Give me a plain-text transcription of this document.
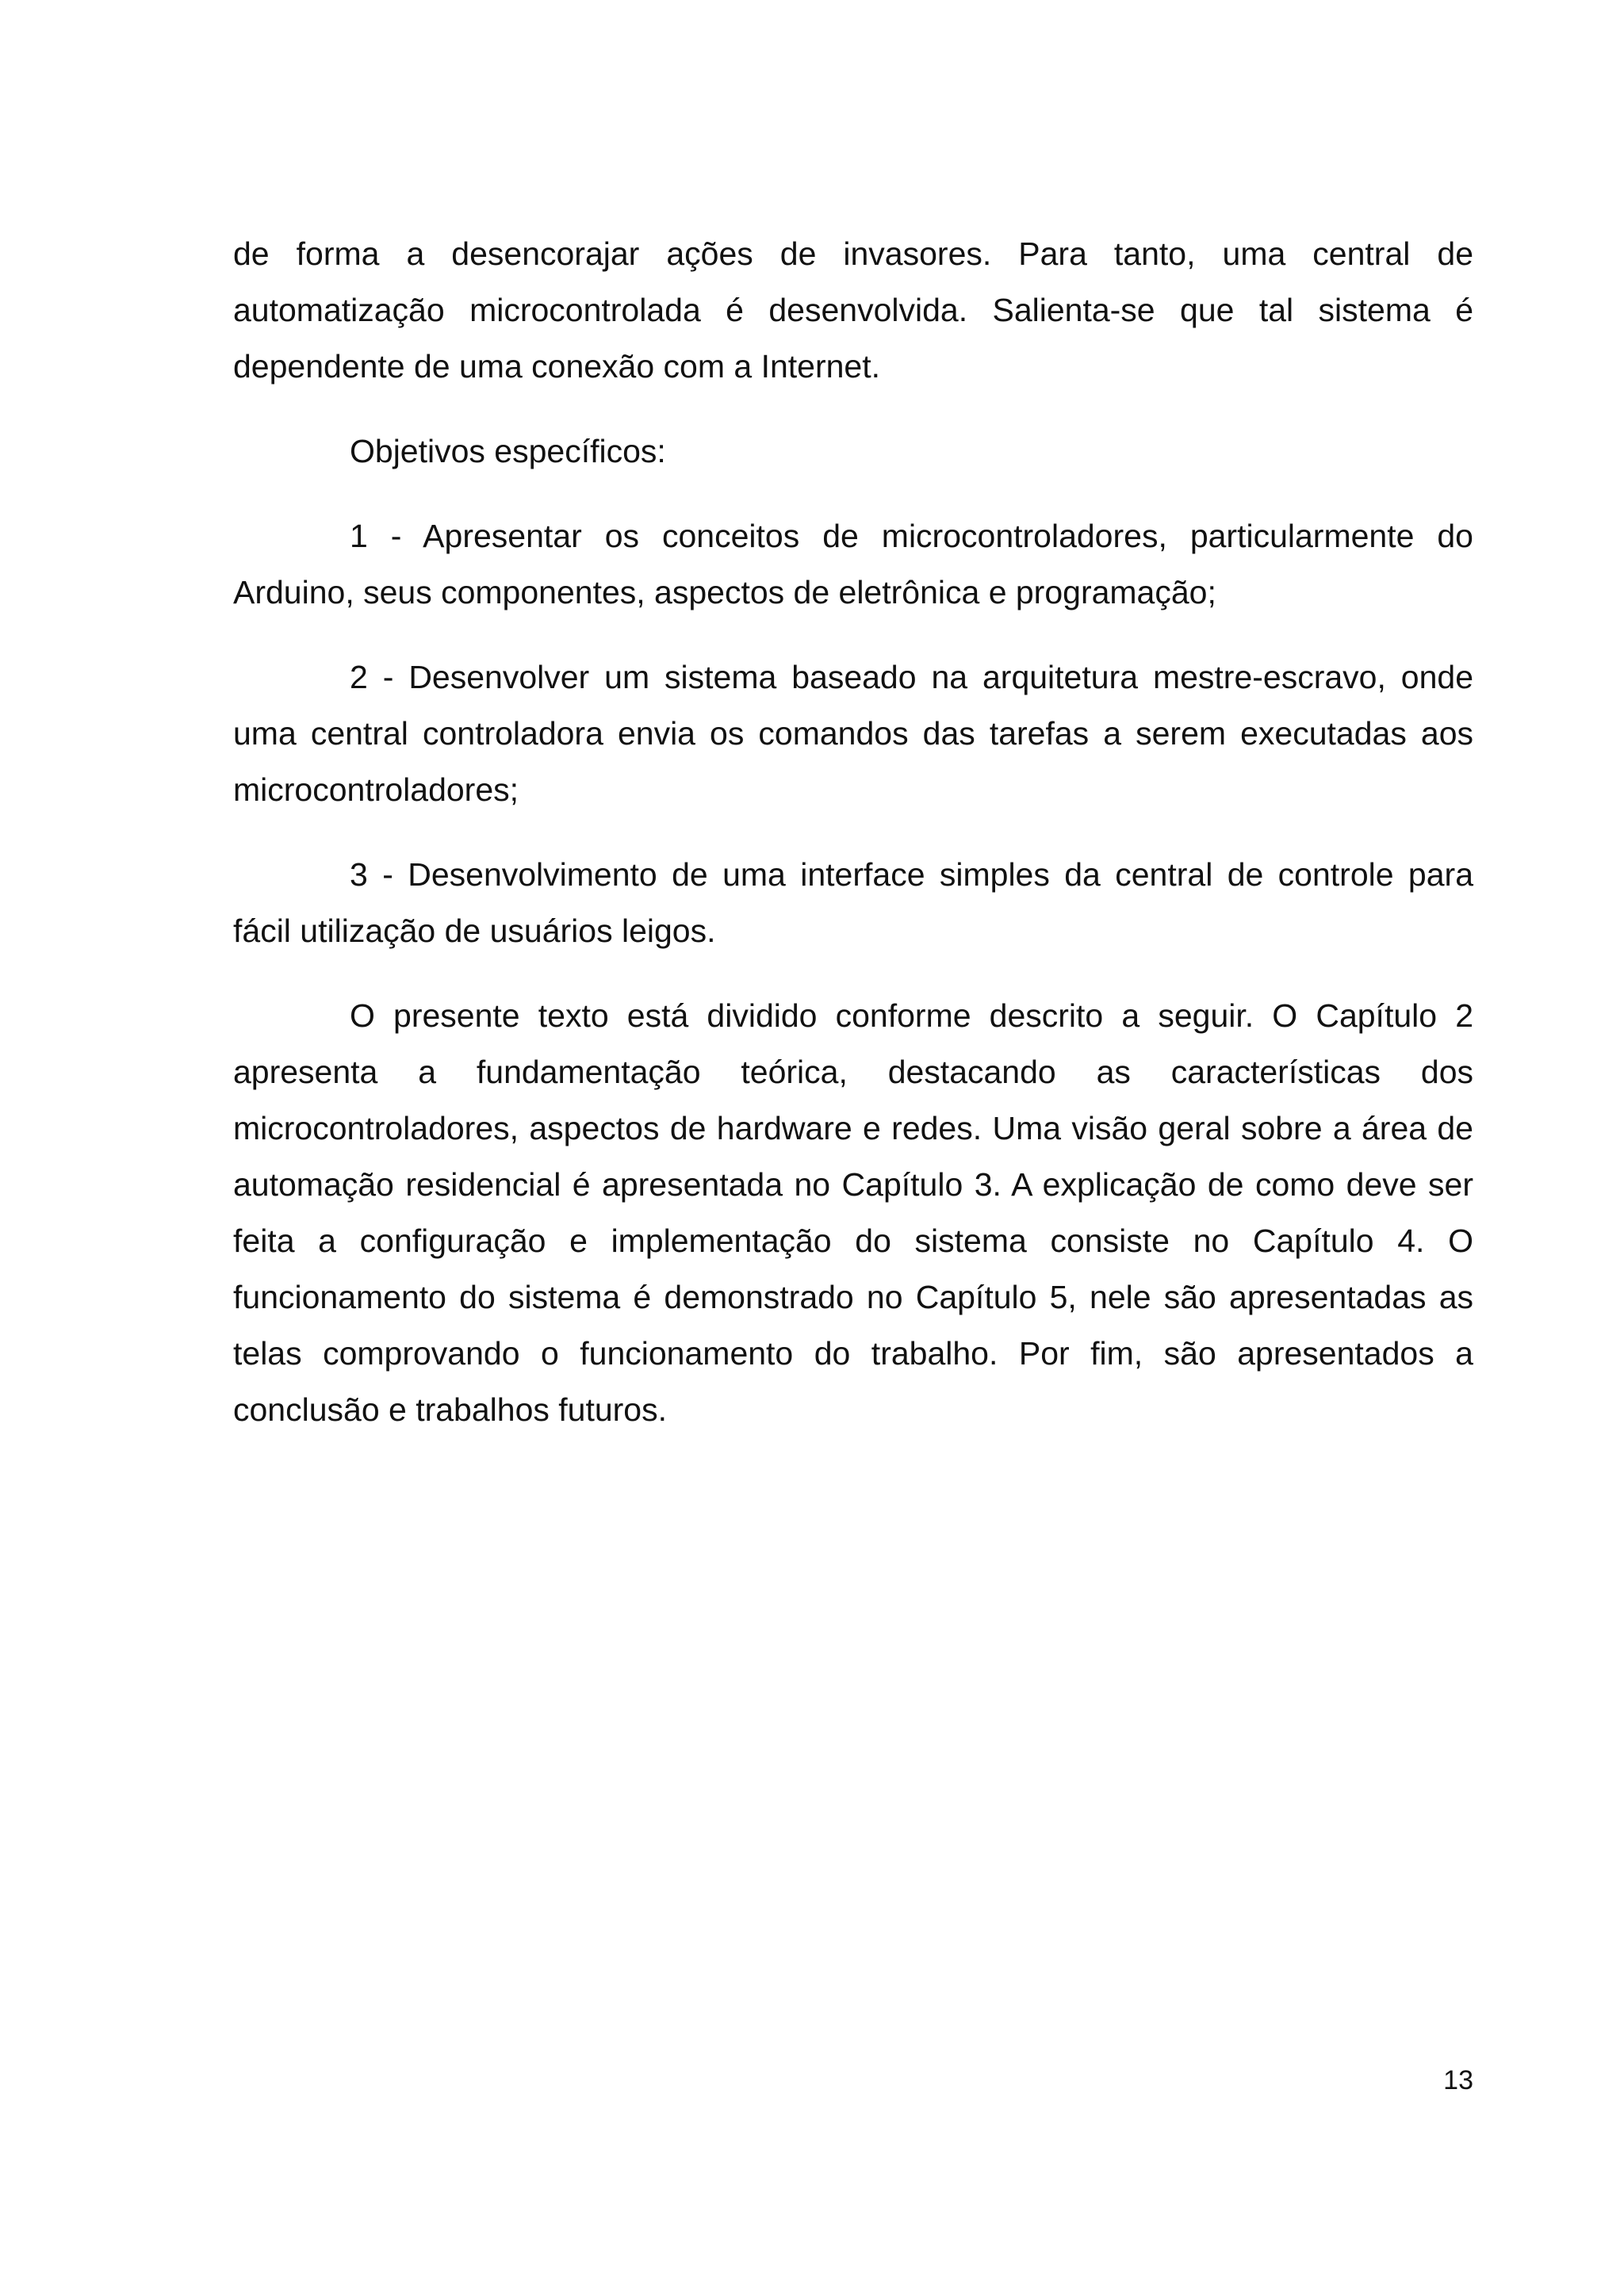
de forma a desencorajar ações de invasores. Para tanto, uma central de automatização microcontrolada é desenvolvida. Salienta-se que tal sistema é dependente de uma conexão com a Internet.

Objetivos específicos:

1 - Apresentar os conceitos de microcontroladores, particularmente do Arduino, seus componentes, aspectos de eletrônica e programação;

2 - Desenvolver um sistema baseado na arquitetura mestre-escravo, onde uma central controladora envia os comandos das tarefas a serem executadas aos microcontroladores;

3 - Desenvolvimento de uma interface simples da central de controle para fácil utilização de usuários leigos.

O presente texto está dividido conforme descrito a seguir. O Capítulo 2 apresenta a fundamentação teórica, destacando as características dos microcontroladores, aspectos de hardware e redes. Uma visão geral sobre a área de automação residencial é apresentada no Capítulo 3. A explicação de como deve ser feita a configuração e implementação do sistema consiste no Capítulo 4. O funcionamento do sistema é demonstrado no Capítulo 5, nele são apresentadas as telas comprovando o funcionamento do trabalho. Por fim, são apresentados a conclusão e trabalhos futuros.

13
